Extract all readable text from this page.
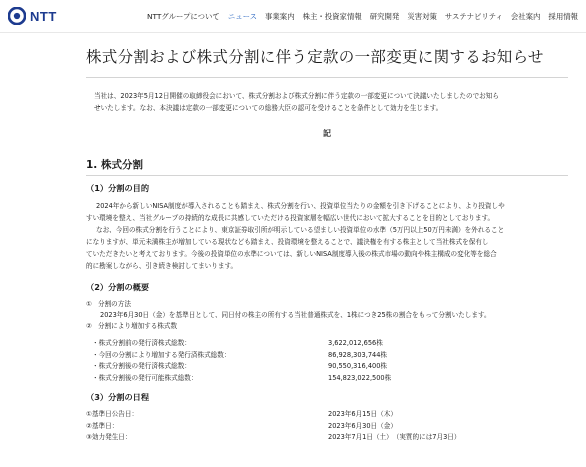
NTT	NTTグループについて ニュース 事業案内 株主・投資家情報 研究開発 災害対策 サステナビリティ 会社案内 採用情報
株式分割および株式分割に伴う定款の一部変更に関するお知らせ
当社は、2023年5月12日開催の取締役会において、株式分割および株式分割に伴う定款の一部変更について決議いたしましたのでお知ら
せいたします。なお、本決議は定款の一部変更についての総務大臣の認可を受けることを条件として効力を生じます。
記
1. 株式分割
（1）分割の目的
2024年から新しいNISA制度が導入されることも踏まえ、株式分割を行い、投資単位当たりの金額を引き下げることにより、より投資しや
すい環境を整え、当社グループの持続的な成長に共感していただける投資家層を幅広い世代において拡大することを目的としております。
なお、今回の株式分割を行うことにより、東京証券取引所が明示している望ましい投資単位の水準（5万円以上50万円未満）を外れること
になりますが、単元未満株主が増加している現状なども踏まえ、投資環境を整えることで、議決権を有する株主として当社株式を保有し
ていただきたいと考えております。今後の投資単位の水準については、新しいNISA制度導入後の株式市場の動向や株主構成の変化等を総合
的に勘案しながら、引き続き検討してまいります。
（2）分割の概要
① 分割の方法
2023年6月30日（金）を基準日として、同日付の株主の所有する当社普通株式を、1株につき25株の割合をもって分割いたします。
② 分割により増加する株式数
・ 株式分割前の発行済株式総数：	3,622,012,656株
・ 今回の分割により増加する発行済株式総数：	86,928,303,744株
・ 株式分割後の発行済株式総数：	90,550,316,400株
・ 株式分割後の発行可能株式総数：	154,823,022,500株
（3）分割の日程
①基準日公告日：	2023年6月15日（木）
②基準日：	2023年6月30日（金）
③効力発生日：	2023年7月1日（土）　（実質的には7月3日）
